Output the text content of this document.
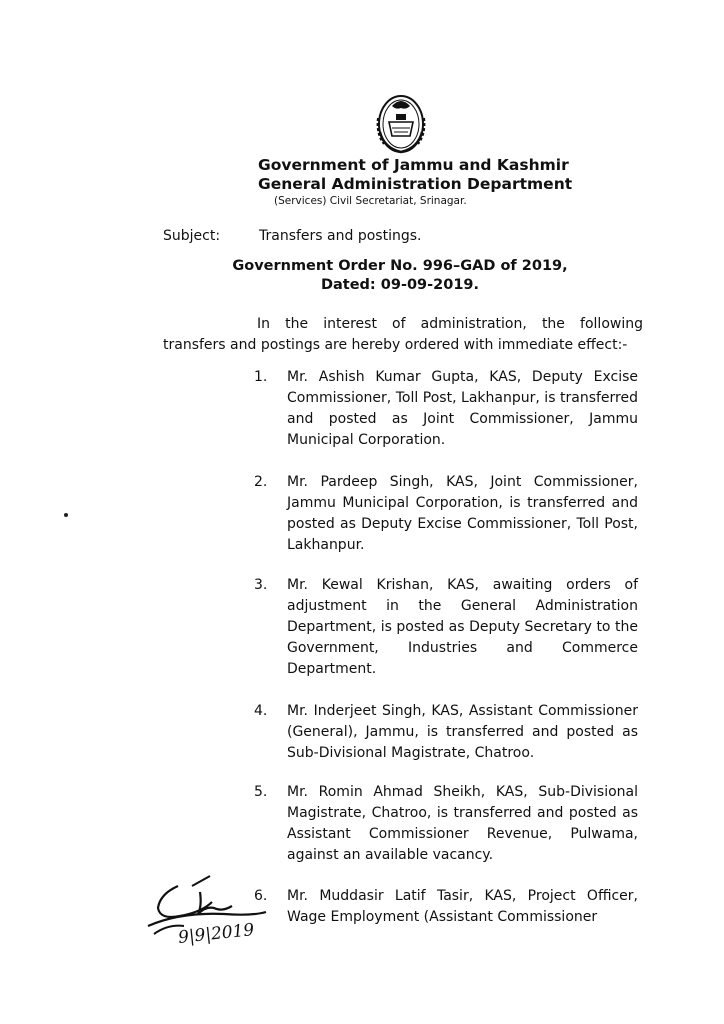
Government of Jammu and Kashmir
General Administration Department
(Services) Civil Secretariat, Srinagar.
Subject:	Transfers and postings.
Government Order No. 996–GAD of 2019,
Dated: 09-09-2019.
In the interest of administration, the following
transfers and postings are hereby ordered with immediate effect:-
1.	Mr. Ashish Kumar Gupta, KAS, Deputy Excise Commissioner, Toll Post, Lakhanpur, is transferred and posted as Joint Commissioner, Jammu Municipal Corporation.
2.	Mr. Pardeep Singh, KAS, Joint Commissioner, Jammu Municipal Corporation, is transferred and posted as Deputy Excise Commissioner, Toll Post, Lakhanpur.
3.	Mr. Kewal Krishan, KAS, awaiting orders of adjustment in the General Administration Department, is posted as Deputy Secretary to the Government, Industries and Commerce Department.
4.	Mr. Inderjeet Singh, KAS, Assistant Commissioner (General), Jammu, is transferred and posted as Sub-Divisional Magistrate, Chatroo.
5.	Mr. Romin Ahmad Sheikh, KAS, Sub-Divisional Magistrate, Chatroo, is transferred and posted as Assistant Commissioner Revenue, Pulwama, against an available vacancy.
6.	Mr. Muddasir Latif Tasir, KAS, Project Officer, Wage Employment (Assistant Commissioner
9|9|2019
